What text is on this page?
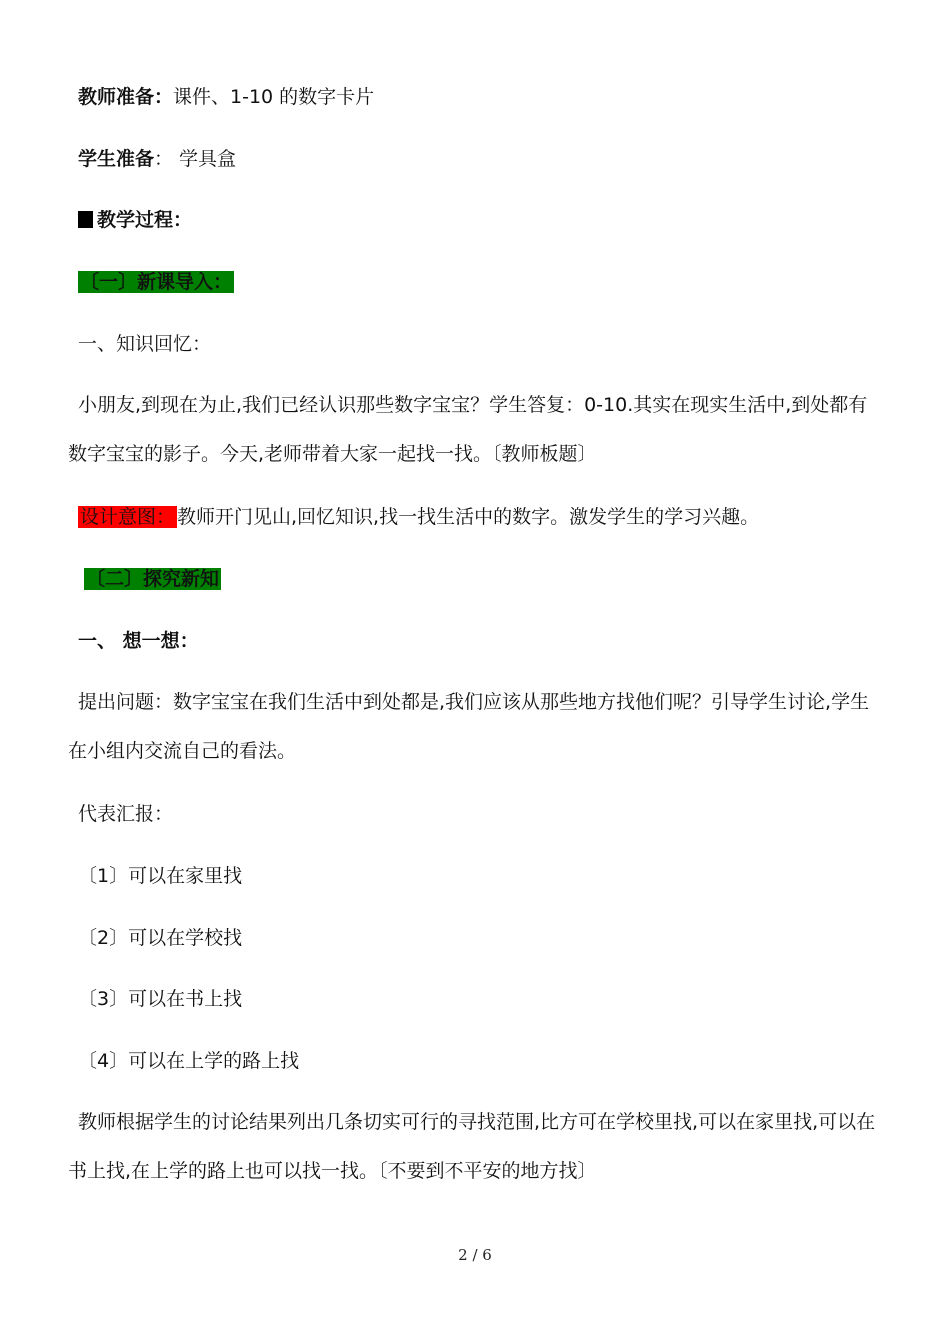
教师准备：课件、1-10 的数字卡片
学生准备： 学具盒
教学过程：
〔一〕新课导入：
一、知识回忆：
小朋友,到现在为止,我们已经认识那些数字宝宝？学生答复：0-10.其实在现实生活中,到处都有数字宝宝的影子。今天,老师带着大家一起找一找。〔教师板题〕
设计意图： 教师开门见山,回忆知识,找一找生活中的数字。激发学生的学习兴趣。
〔二〕探究新知
一、 想一想：
提出问题：数字宝宝在我们生活中到处都是,我们应该从那些地方找他们呢？引导学生讨论,学生在小组内交流自己的看法。
代表汇报：
〔1〕可以在家里找
〔2〕可以在学校找
〔3〕可以在书上找
〔4〕可以在上学的路上找
教师根据学生的讨论结果列出几条切实可行的寻找范围,比方可在学校里找,可以在家里找,可以在书上找,在上学的路上也可以找一找。〔不要到不平安的地方找〕
2 / 6
